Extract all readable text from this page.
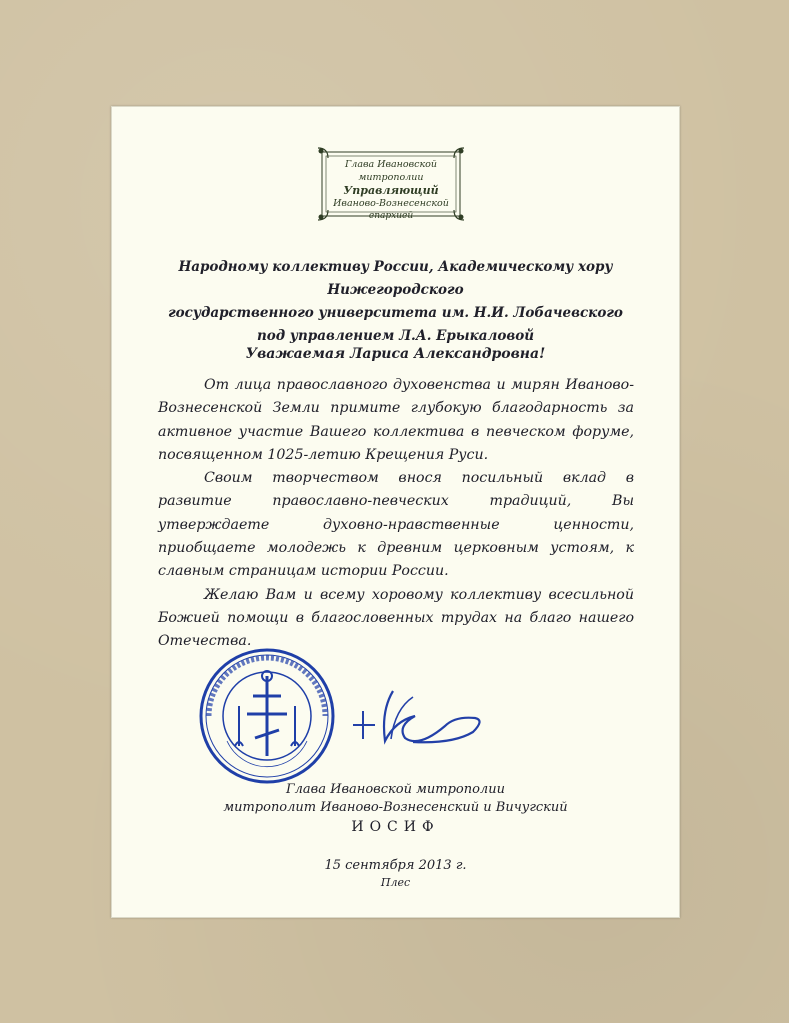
Глава Ивановской митрополии
Управляющий
Иваново-Вознесенской
епархией
Народному коллективу России, Академическому хору Нижегородского
государственного университета им. Н.И. Лобачевского
под управлением Л.А. Ерыкаловой
Уважаемая Лариса Александровна!

От лица православного духовенства и мирян Иваново-Вознесенской Земли примите глубокую благодарность за активное участие Вашего коллектива в певческом форуме, посвященном 1025-летию Крещения Руси.

Своим творчеством внося посильный вклад в развитие православно-певческих традиций, Вы утверждаете духовно-нравственные ценности, приобщаете молодежь к древним церковным устоям, к славным страницам истории России.

Желаю Вам и всему хоровому коллективу всесильной Божией помощи в благословенных трудах на благо нашего Отечества.

Глава Ивановской митрополии
митрополит Иваново-Вознесенский и Вичугский
ИОСИФ
15 сентября 2013 г.
Плес
